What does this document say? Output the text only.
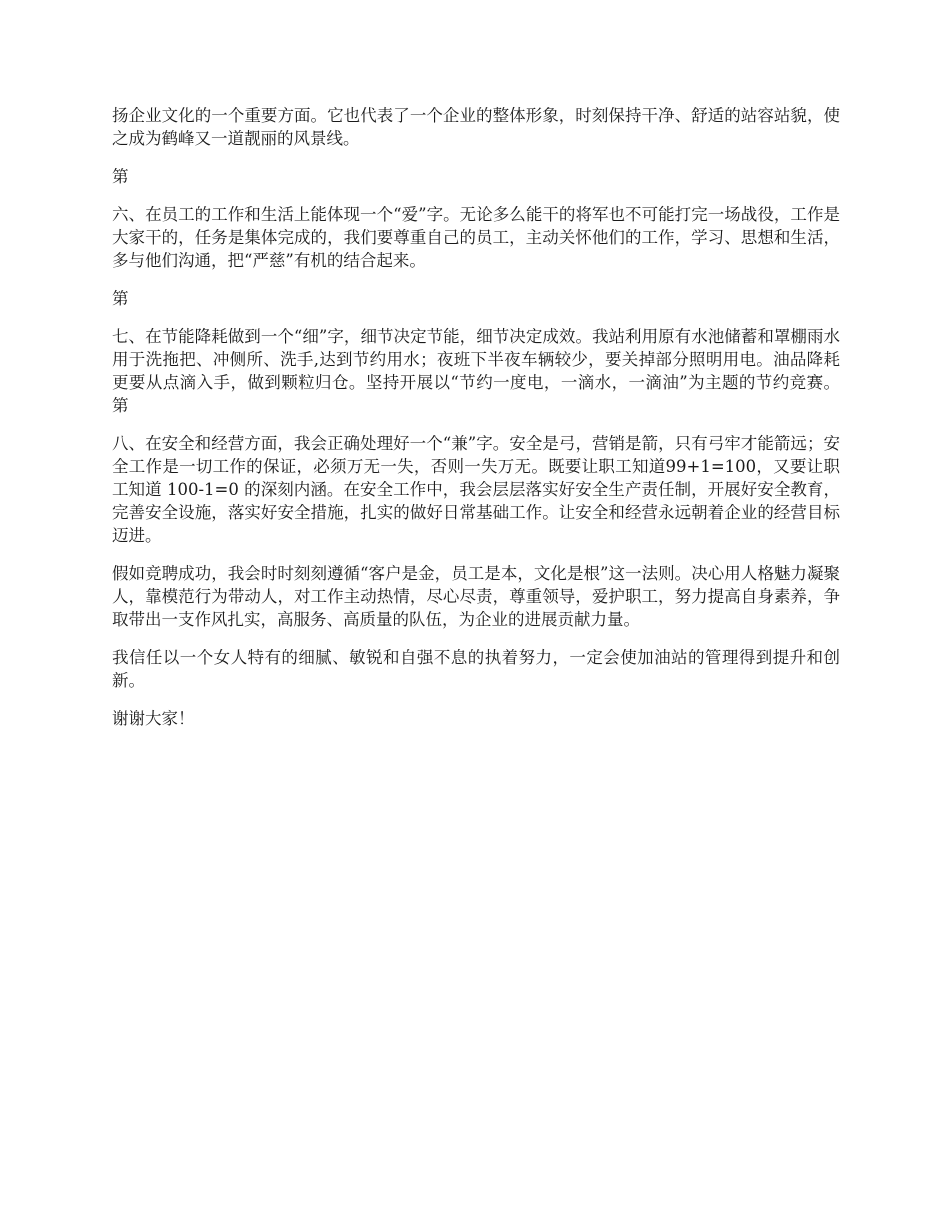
扬企业文化的一个重要方面。它也代表了一个企业的整体形象，时刻保持干净、舒适的站容站貌，使之成为鹤峰又一道靓丽的风景线。

第

六、在员工的工作和生活上能体现一个“爱”字。无论多么能干的将军也不可能打完一场战役，工作是大家干的，任务是集体完成的，我们要尊重自己的员工，主动关怀他们的工作，学习、思想和生活，多与他们沟通，把“严慈”有机的结合起来。

第

七、在节能降耗做到一个“细”字，细节决定节能，细节决定成效。我站利用原有水池储蓄和罩棚雨水用于洗拖把、冲侧所、洗手,达到节约用水；夜班下半夜车辆较少，要关掉部分照明用电。油品降耗更要从点滴入手，做到颗粒归仓。坚持开展以“节约一度电，一滴水，一滴油”为主题的节约竞赛。 第

八、在安全和经营方面，我会正确处理好一个“兼”字。安全是弓，营销是箭，只有弓牢才能箭远；安全工作是一切工作的保证，必须万无一失，否则一失万无。既要让职工知道99+1=100，又要让职工知道 100-1=0 的深刻内涵。在安全工作中，我会层层落实好安全生产责任制，开展好安全教育，完善安全设施，落实好安全措施，扎实的做好日常基础工作。让安全和经营永远朝着企业的经营目标迈进。

假如竞聘成功，我会时时刻刻遵循“客户是金，员工是本，文化是根”这一法则。决心用人格魅力凝聚人，靠模范行为带动人，对工作主动热情，尽心尽责，尊重领导，爱护职工，努力提高自身素养，争取带出一支作风扎实，高服务、高质量的队伍，为企业的进展贡献力量。

我信任以一个女人特有的细腻、敏锐和自强不息的执着努力，一定会使加油站的管理得到提升和创新。

谢谢大家！
